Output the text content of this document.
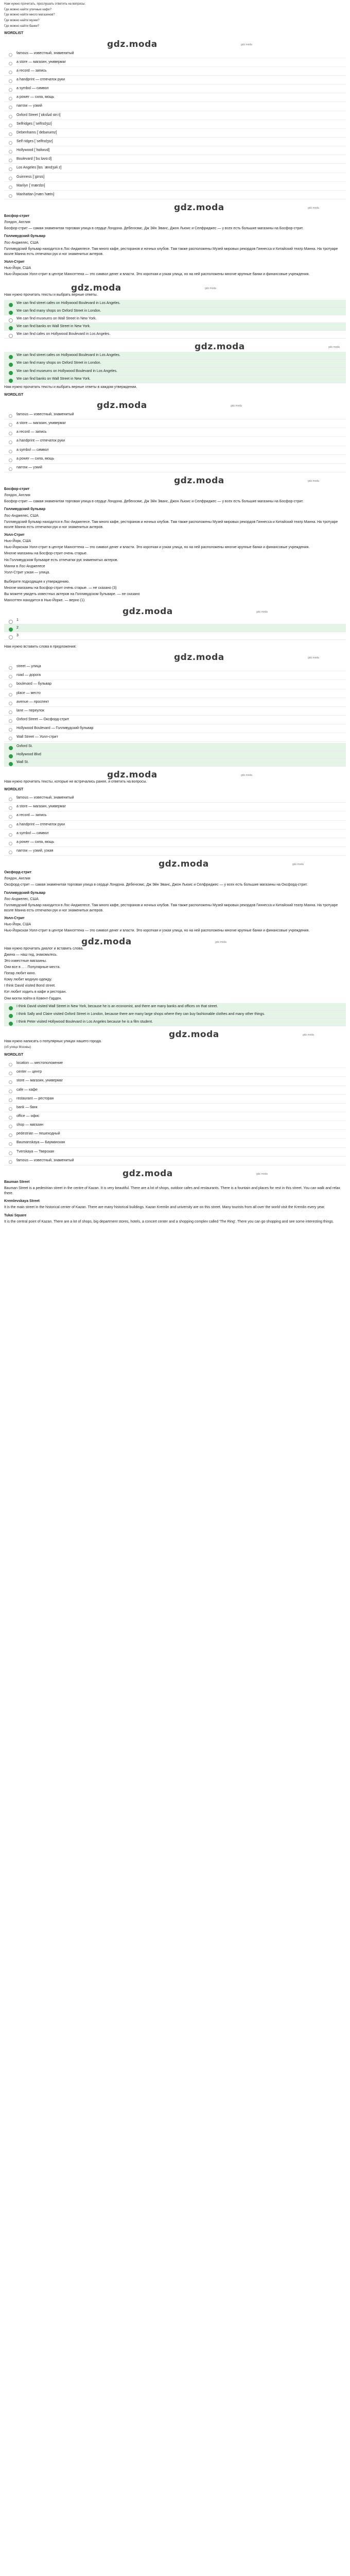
Нам нужно прочитать, прослушать ответить на вопросы:

Где можно найти уличные кафе?

Где можно найти много магазинов?

Где можно найти музеи?

Где можно найти банки?

WORDLIST

gdz.moda	gdz.moda
famous — известный, знаменитый
a store — магазин, универмаг
a record — запись
a handprint — отпечаток руки
a symbol — символ
a power — сила, мощь
narrow — узкий
Oxford Street [ˈɒksfəd striːt]
Selfridges [ˈselfrɪdʒɪz]
Debenhams [ˈdebənəmz]
Self ridges [ˈselfrɪdʒɪz]
Hollywood [ˈhɒliwʊd]
Boulevard [ˈbuːləvɑːd]
Los Angeles [lɒs ˈændʒəli z]
Guinness [ˈɡɪnɪs]
Marilyn [ˈmærɪlɪn]
Manhattan [mænˈhætn]
gdz.moda	gdz.moda

Босфор-стрит

Лондон, Англия

Босфор-стрит — самая знаменитая торговая улица в сердце Лондона. Дебенхэмс, Дж Эйн Эванс, Джон Льюис и Селфриджес — у всех есть большие магазины на Босфор-стрит.

Голливудский бульвар

Лос-Анджелес, США

Голливудский бульвар находится в Лос-Анджелесе. Там много кафе, ресторанов и ночных клубов. Там также расположены Музей мировых рекордов Гиннесса и Китайский театр Манна. На тротуаре возле Манна есть отпечатки рук и ног знаменитых актеров.

Уолл-Стрит

Нью-Йорк, США

Нью-Йоркская Уолл-стрит в центре Манхэттена — это символ денег и власти. Это короткая и узкая улица, но на ней расположены многие крупные банки и финансовые учреждения.

gdz.moda	gdz.moda

Нам нужно прочитать тексты и выбрать верные ответы.

We can find street cafes on Hollywood Boulevard in Los Angeles.
We can find many shops on Oxford Street in London.
We can find museums on Wall Street in New York.
We can find banks on Wall Street in New York.
We can find cafes on Hollywood Boulevard in Los Angeles.
gdz.moda	gdz.moda
We can find street cafes on Hollywood Boulevard in Los Angeles.
We can find many shops on Oxford Street in London.
We can find museums on Hollywood Boulevard in Los Angeles.
We can find banks on Wall Street in New York.

Нам нужно прочитать тексты и выбрать верные ответы в каждом утверждении.

WORDLIST

gdz.moda	gdz.moda
famous — известный, знаменитый
a store — магазин, универмаг
a record — запись
a handprint — отпечаток руки
a symbol — символ
a power — сила, мощь
narrow — узкий
gdz.moda	gdz.moda

Босфор-стрит

Лондон, Англия

Босфор-стрит — самая знаменитая торговая улица в сердце Лондона. Дебенхэмс, Дж Эйн Эванс, Джон Льюис и Селфриджес — у всех есть большие магазины на Босфор-стрит.

Голливудский бульвар

Лос-Анджелес, США

Голливудский бульвар находится в Лос-Анджелесе. Там много кафе, ресторанов и ночных клубов. Там также расположены Музей мировых рекордов Гиннесса и Китайский театр Манна. На тротуаре возле Манна есть отпечатки рук и ног знаменитых актеров.

Уолл-Стрит

Нью-Йорк, США

Нью-Йоркская Уолл-стрит в центре Манхэттена — это символ денег и власти. Это короткая и узкая улица, но на ней расположены многие крупные банки и финансовые учреждения.

Многие магазины на Босфор-стрит очень старые.

На Голливудском бульваре есть отпечатки рук знаменитых актеров.

Манни в Лос-Анджелесе

Уолл-Стрит узкая — улица.

Выберите подходящее к утверждению.

Многие магазины на Босфор-стрит очень старые. — не сказано (3)

Вы можете увидеть известных актеров на Голливудском бульваре. — не сказано

Манхэттен находится в Нью-Йорке. — верно (1)

gdz.moda	gdz.moda
1
2
3

Нам нужно вставить слова в предложения:

gdz.moda	gdz.moda
street — улица
road — дорога
boulevard — бульвар
place — место
avenue — проспект
lane — переулок
Oxford Street — Оксфорд-стрит
Hollywood Boulevard — Голливудский бульвар
Wall Street — Уолл-стрит
Oxford St.
Hollywood Blvd
Wall St.
gdz.moda	gdz.moda

Нам нужно прочитать тексты, которые не встречались ранее, и ответить на вопросы.

WORDLIST

famous — известный, знаменитый
a store — магазин, универмаг
a record — запись
a handprint — отпечаток руки
a symbol — символ
a power — сила, мощь
narrow — узкий, узкая
gdz.moda	gdz.moda

Оксфорд-стрит

Лондон, Англия

Оксфорд-стрит — самая знаменитая торговая улица в сердце Лондона. Дебенхэмс, Дж Эйн Эванс, Джон Льюис и Селфриджес — у всех есть большие магазины на Оксфорд-стрит.

Голливудский бульвар

Лос-Анджелес, США

Голливудский бульвар находится в Лос-Анджелесе. Там много кафе, ресторанов и ночных клубов. Там также расположены Музей мировых рекордов Гиннесса и Китайский театр Манна. На тротуаре возле Манна есть отпечатки рук и ног знаменитых актеров.

Уолл-Стрит

Нью-Йорк, США

Нью-Йоркская Уолл-стрит в центре Манхэттена — это символ денег и власти. Это короткая и узкая улица, но на ней расположены многие крупные банки и финансовые учреждения.

gdz.moda	gdz.moda

Нам нужно прочитать диалог и вставить слова.

Джина — наш гид, знакомьтесь.

Это известные магазины.

Они все в ... . Популярные места.

Попар любит кино.

Кому любит модную одежду.

I think David visited Bond street.

Кэт любит ходить в кафе и ресторан.

Они могли пойти в Ковент-Гарден.

I think David visited Wall Street in New York, because he is an economist, and there are many banks and offices on that street.
I think Sally and Claire visited Oxford Street in London, because there are many large shops where they can buy fashionable clothes and many other things.
I think Peter visited Hollywood Boulevard in Los Angeles because he is a film student.
gdz.moda	gdz.moda

Нам нужно написать о популярных улицах нашего города.

(об улице Москвы)

WORDLIST

location — местоположение
center — центр
store — магазин, универмаг
cafe — кафе
restaurant — ресторан
bank — банк
office — офис
shop — магазин
pedestrian — пешеходный
Baumanskaya — Бауманская
Tverskaya — Тверская
famous — известный, знаменитый
gdz.moda	gdz.moda

Bauman Street

Bauman Street is a pedestrian street in the centre of Kazan. It is very beautiful. There are a lot of shops, outdoor cafes and restaurants. There is a fountain and places for rest in this street. You can walk and relax there.

Kremlevskaya Street

It is the main street in the historical center of Kazan. There are many historical buildings. Kazan Kremlin and university are on this street. Many tourists from all over the world visit the Kremlin every year.

Tukai Square

It is the central point of Kazan. There are a lot of shops, big department stores, hotels, a concert center and a shopping complex called 'The Ring'. There you can go shopping and see some interesting things.
